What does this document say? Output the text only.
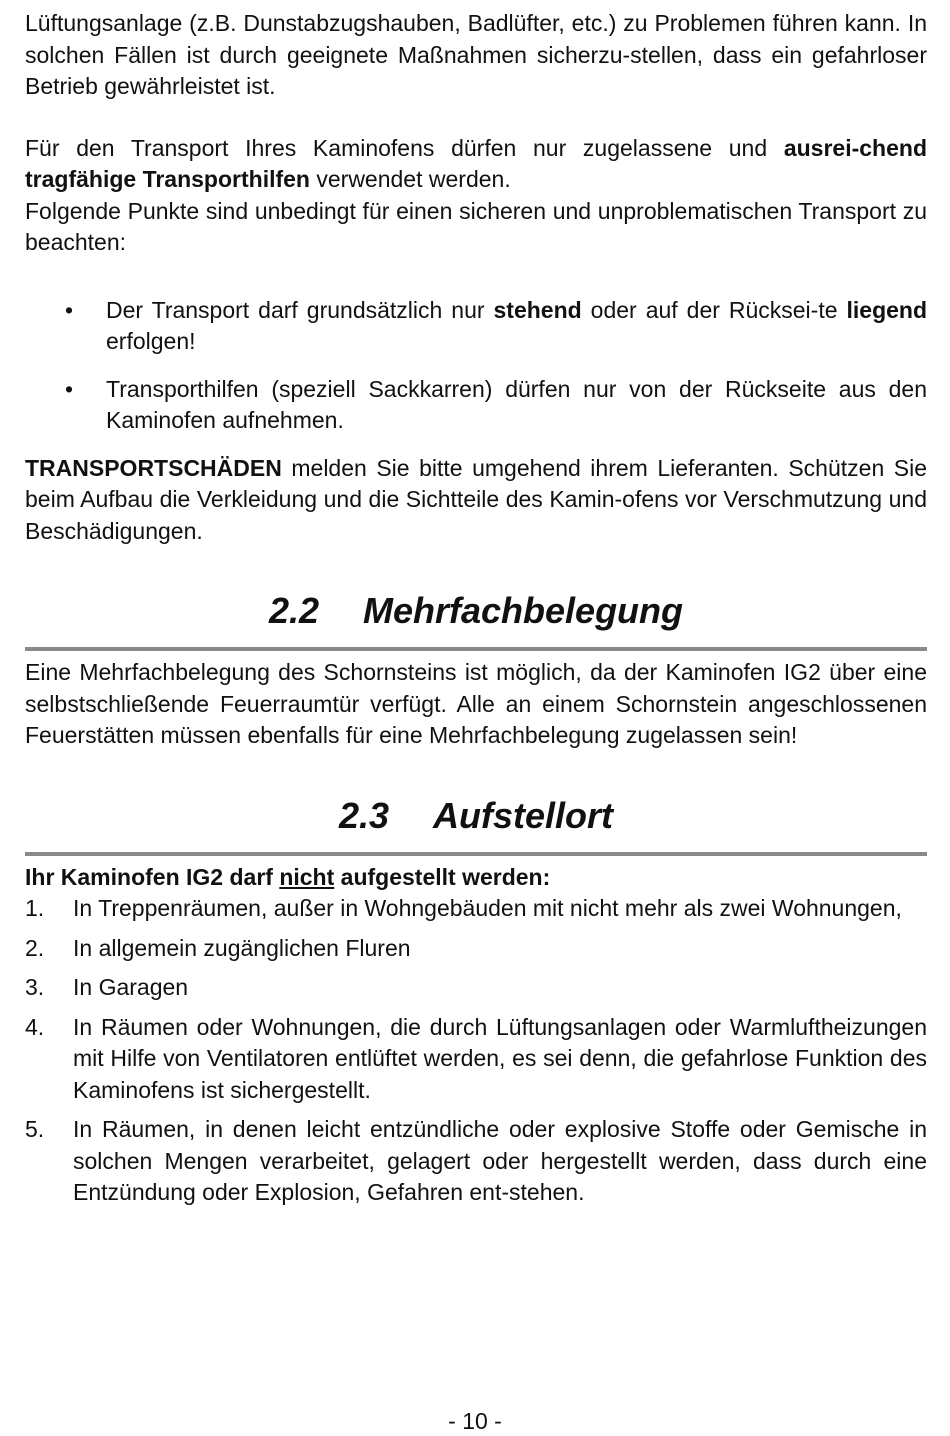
Lüftungsanlage (z.B. Dunstabzugshauben, Badlüfter, etc.) zu Problemen führen kann. In solchen Fällen ist durch geeignete Maßnahmen sicherzu-stellen, dass ein gefahrloser Betrieb gewährleistet ist.

Für den Transport Ihres Kaminofens dürfen nur zugelassene und ausrei-chend tragfähige Transporthilfen verwendet werden.

Folgende Punkte sind unbedingt für einen sicheren und unproblematischen Transport zu beachten:

• Der Transport darf grundsätzlich nur stehend oder auf der Rücksei-te liegend erfolgen!
• Transporthilfen (speziell Sackkarren) dürfen nur von der Rückseite aus den Kaminofen aufnehmen.

TRANSPORTSCHÄDEN melden Sie bitte umgehend ihrem Lieferanten. Schützen Sie beim Aufbau die Verkleidung und die Sichtteile des Kamin-ofens vor Verschmutzung und Beschädigungen.

2.2 Mehrfachbelegung

Eine Mehrfachbelegung des Schornsteins ist möglich, da der Kaminofen IG2 über eine selbstschließende Feuerraumtür verfügt. Alle an einem Schornstein angeschlossenen Feuerstätten müssen ebenfalls für eine Mehrfachbelegung zugelassen sein!

2.3 Aufstellort

Ihr Kaminofen IG2 darf nicht aufgestellt werden:

1. In Treppenräumen, außer in Wohngebäuden mit nicht mehr als zwei Wohnungen,
2. In allgemein zugänglichen Fluren
3. In Garagen
4. In Räumen oder Wohnungen, die durch Lüftungsanlagen oder Warmluftheizungen mit Hilfe von Ventilatoren entlüftet werden, es sei denn, die gefahrlose Funktion des Kaminofens ist sichergestellt.
5. In Räumen, in denen leicht entzündliche oder explosive Stoffe oder Gemische in solchen Mengen verarbeitet, gelagert oder hergestellt werden, dass durch eine Entzündung oder Explosion, Gefahren ent-stehen.
- 10 -
